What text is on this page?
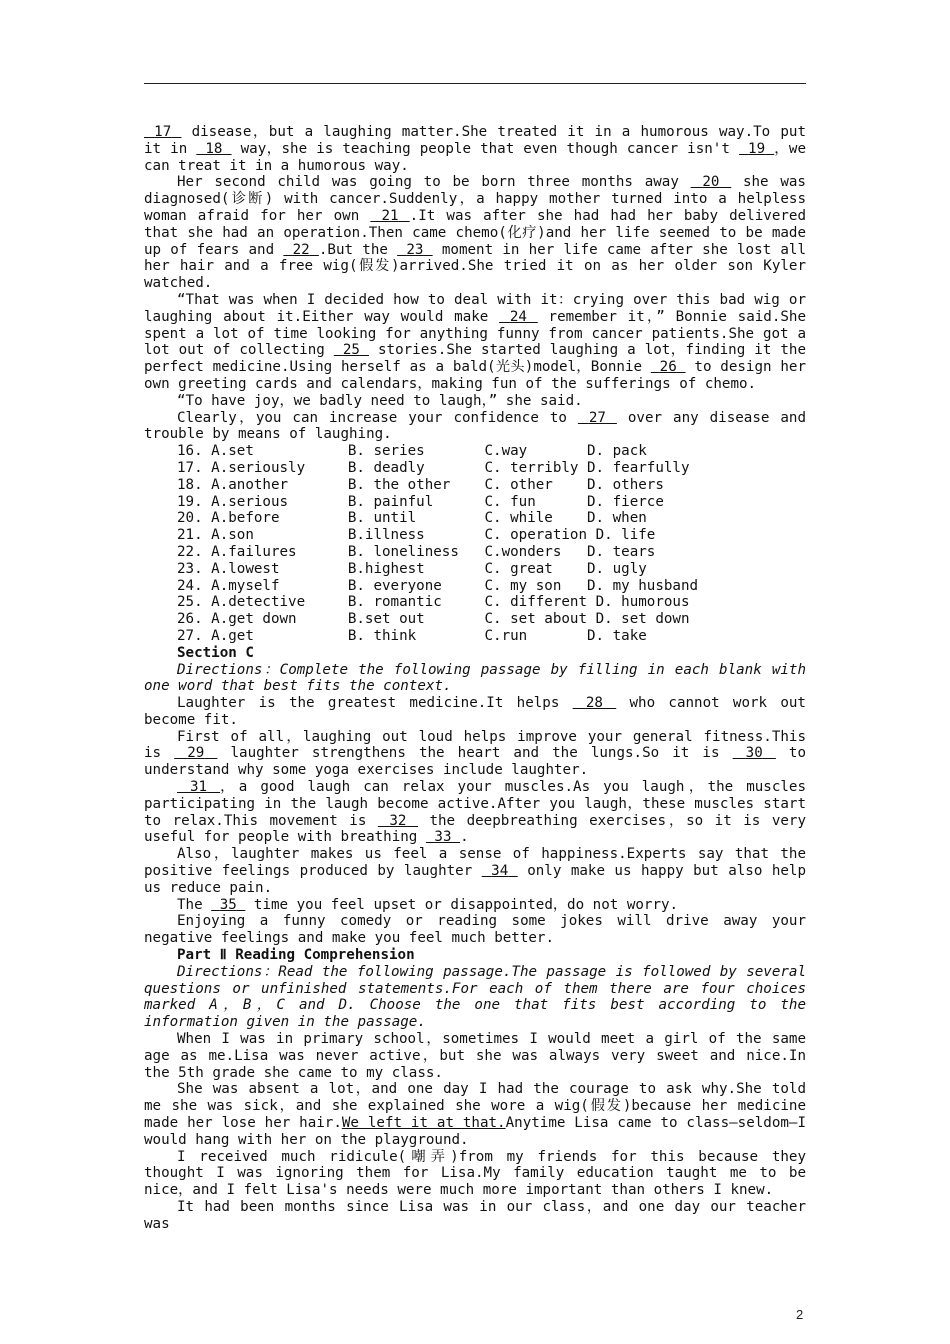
17  disease，but a laughing matter.She treated it in a humorous way.To put it in  18  way，she is teaching people that even though cancer isn't  19 ，we can treat it in a humorous way.

Her second child was going to be born three months away  20  she was diagnosed(诊断) with cancer.Suddenly，a happy mother turned into a helpless woman afraid for her own  21 .It was after she had had her baby delivered that she had an operation.Then came chemo(化疗)and her life seemed to be made up of fears and  22 .But the  23  moment in her life came after she lost all her hair and a free wig(假发)arrived.She tried it on as her older son Kyler watched.

“That was when I decided how to deal with it：crying over this bad wig or laughing about it.Either way would make  24  remember it，” Bonnie said.She spent a lot of time looking for anything funny from cancer patients.She got a lot out of collecting  25  stories.She started laughing a lot，finding it the perfect medicine.Using herself as a bald(光头)model，Bonnie  26  to design her own greeting cards and calendars，making fun of the sufferings of chemo.

“To have joy，we badly need to laugh，” she said.

Clearly，you can increase your confidence to  27  over any disease and trouble by means of laughing.

16. A.set           B. series       C.way       D. pack

17. A.seriously     B. deadly       C. terribly D. fearfully

18. A.another       B. the other    C. other    D. others

19. A.serious       B. painful      C. fun      D. fierce

20. A.before        B. until        C. while    D. when

21. A.son           B.illness       C. operation D. life

22. A.failures      B. loneliness   C.wonders   D. tears

23. A.lowest        B.highest       C. great    D. ugly

24. A.myself        B. everyone     C. my son   D. my husband

25. A.detective     B. romantic     C. different D. humorous

26. A.get down      B.set out       C. set about D. set down

27. A.get           B. think        C.run       D. take

Section C

Directions：Complete the following passage by filling in each blank with one word that best fits the context.

Laughter is the greatest medicine.It helps  28  who cannot work out become fit.

First of all，laughing out loud helps improve your general fitness.This is  29  laughter strengthens the heart and the lungs.So it is  30  to understand why some yoga exercises include laughter.

31 ，a good laugh can relax your muscles.As you laugh，the muscles participating in the laugh become active.After you laugh，these muscles start to relax.This movement is  32  the deepbreathing exercises，so it is very useful for people with breathing  33 .

Also，laughter makes us feel a sense of happiness.Experts say that the positive feelings produced by laughter  34  only make us happy but also help us reduce pain.

The  35  time you feel upset or disappointed，do not worry.

Enjoying a funny comedy or reading some jokes will drive away your negative feelings and make you feel much better.

Part Ⅱ Reading Comprehension

Directions：Read the following passage.The passage is followed by several questions or unfinished statements.For each of them there are four choices marked A，B，C and D. Choose the one that fits best according to the information given in the passage.

When I was in primary school，sometimes I would meet a girl of the same age as me.Lisa was never active，but she was always very sweet and nice.In the 5th grade she came to my class.

She was absent a lot，and one day I had the courage to ask why.She told me she was sick，and she explained she wore a wig(假发)because her medicine made her lose her hair.We left it at that.Anytime Lisa came to class—seldom—I would hang with her on the playground.

I received much ridicule(嘲弄)from my friends for this because they thought I was ignoring them for Lisa.My family education taught me to be nice，and I felt Lisa's needs were much more important than others I knew.

It had been months since Lisa was in our class，and one day our teacher was

2
